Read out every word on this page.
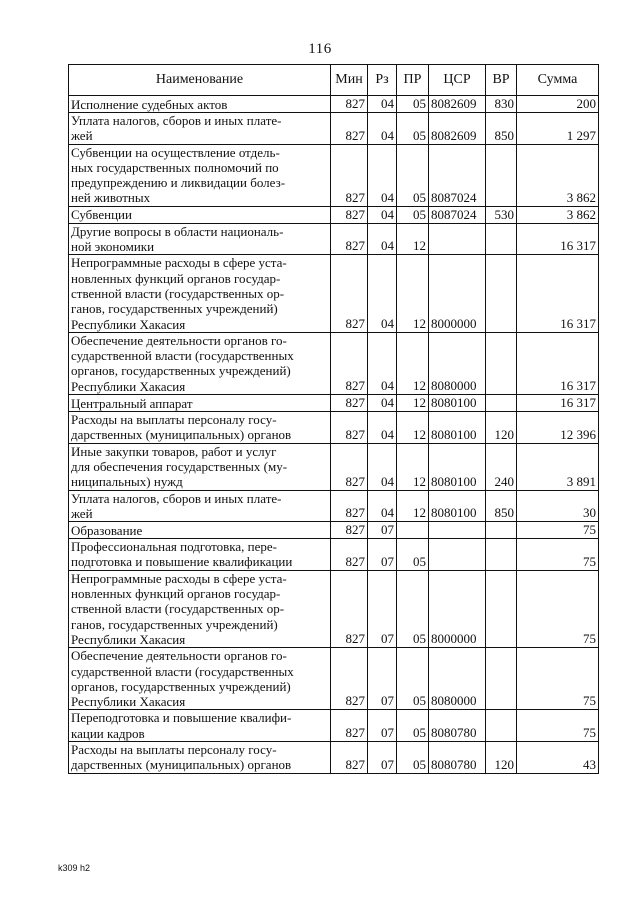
116
Наименование	Мин	Рз	ПР	ЦСР	ВР	Сумма
Исполнение судебных актов	827	04	05	8082609	830	200
Уплата налогов, сборов и иных плате-
жей	827	04	05	8082609	850	1 297
Субвенции на осуществление отдель-
ных государственных полномочий по
предупреждению и ликвидации болез-
ней животных	827	04	05	8087024		3 862
Субвенции	827	04	05	8087024	530	3 862
Другие вопросы в области националь-
ной экономики	827	04	12			16 317
Непрограммные расходы в сфере уста-
новленных функций органов государ-
ственной власти (государственных ор-
ганов, государственных учреждений)
Республики Хакасия	827	04	12	8000000		16 317
Обеспечение деятельности органов го-
сударственной власти (государственных
органов, государственных учреждений)
Республики Хакасия	827	04	12	8080000		16 317
Центральный аппарат	827	04	12	8080100		16 317
Расходы на выплаты персоналу госу-
дарственных (муниципальных) органов	827	04	12	8080100	120	12 396
Иные закупки товаров, работ и услуг
для обеспечения государственных (му-
ниципальных) нужд	827	04	12	8080100	240	3 891
Уплата налогов, сборов и иных плате-
жей	827	04	12	8080100	850	30
Образование	827	07				75
Профессиональная подготовка, пере-
подготовка и повышение квалификации	827	07	05			75
Непрограммные расходы в сфере уста-
новленных функций органов государ-
ственной власти (государственных ор-
ганов, государственных учреждений)
Республики Хакасия	827	07	05	8000000		75
Обеспечение деятельности органов го-
сударственной власти (государственных
органов, государственных учреждений)
Республики Хакасия	827	07	05	8080000		75
Переподготовка и повышение квалифи-
кации кадров	827	07	05	8080780		75
Расходы на выплаты персоналу госу-
дарственных (муниципальных) органов	827	07	05	8080780	120	43
k309 h2
